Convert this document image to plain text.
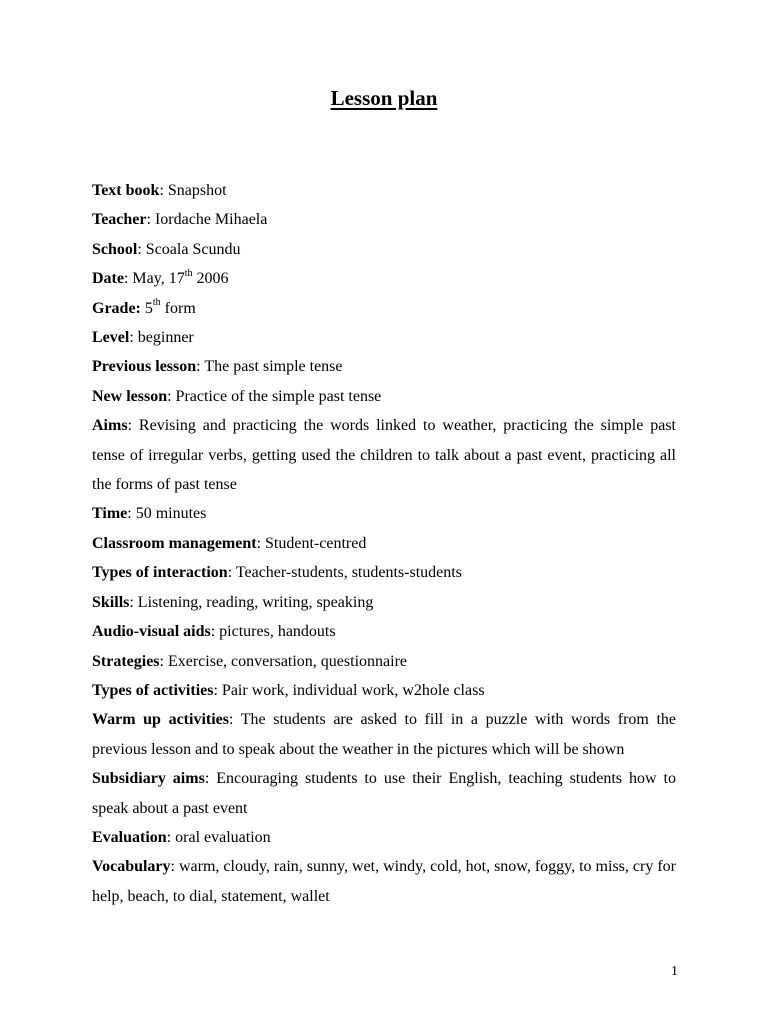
Lesson plan

Text book: Snapshot

Teacher: Iordache Mihaela

School: Scoala Scundu

Date: May, 17th 2006

Grade: 5th form

Level: beginner

Previous lesson: The past simple tense

New lesson: Practice of the simple past tense

Aims: Revising and practicing the words linked to weather, practicing the simple past tense of irregular verbs, getting used the children to talk about a past event, practicing all the forms of past tense

Time: 50 minutes

Classroom management: Student-centred

Types of interaction: Teacher-students, students-students

Skills: Listening, reading, writing, speaking

Audio-visual aids: pictures, handouts

Strategies: Exercise, conversation, questionnaire

Types of activities: Pair work, individual work, w2hole class

Warm up activities: The students are asked to fill in a puzzle with words from the previous lesson and to speak about the weather in the pictures which will be shown

Subsidiary aims: Encouraging students to use their English, teaching students how to speak about a past event

Evaluation: oral evaluation

Vocabulary: warm, cloudy, rain, sunny, wet, windy, cold, hot, snow, foggy, to miss, cry for help, beach, to dial, statement, wallet

1
